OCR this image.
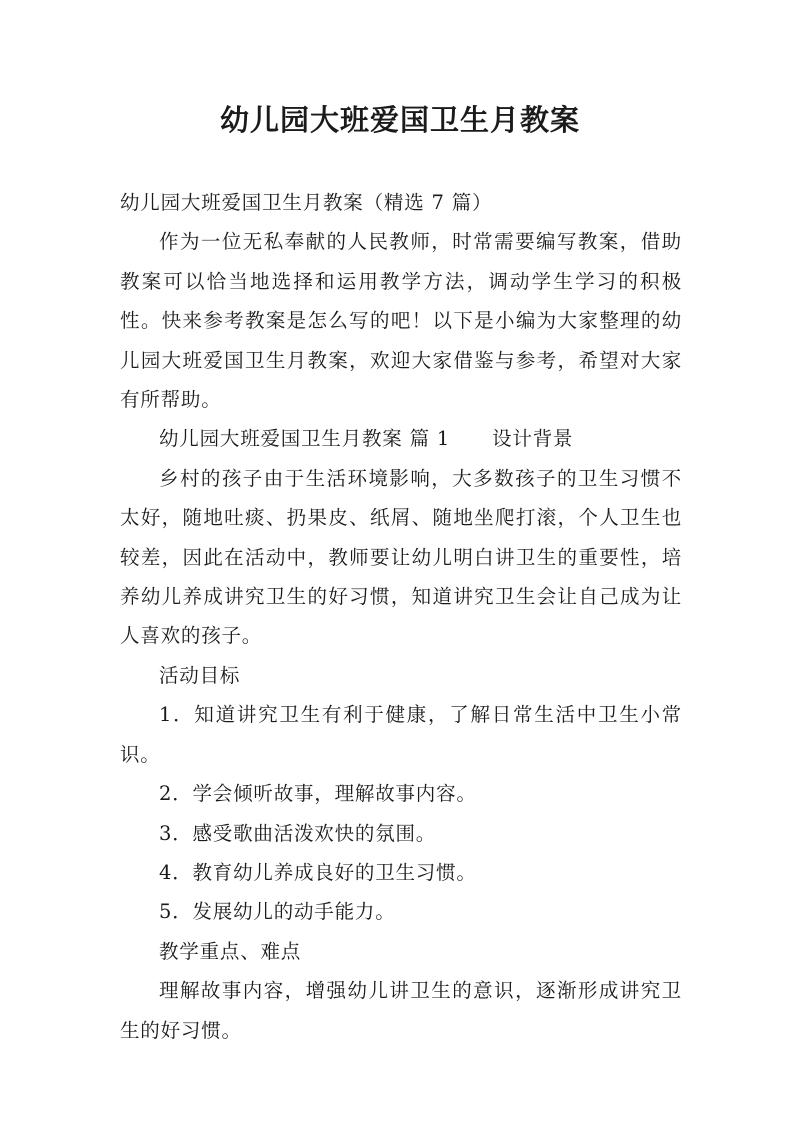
幼儿园大班爱国卫生月教案

幼儿园大班爱国卫生月教案（精选 7 篇）

作为一位无私奉献的人民教师，时常需要编写教案，借助教案可以恰当地选择和运用教学方法，调动学生学习的积极性。快来参考教案是怎么写的吧！以下是小编为大家整理的幼儿园大班爱国卫生月教案，欢迎大家借鉴与参考，希望对大家有所帮助。

幼儿园大班爱国卫生月教案 篇 1      设计背景

乡村的孩子由于生活环境影响，大多数孩子的卫生习惯不太好，随地吐痰、扔果皮、纸屑、随地坐爬打滚，个人卫生也较差，因此在活动中，教师要让幼儿明白讲卫生的重要性，培养幼儿养成讲究卫生的好习惯，知道讲究卫生会让自己成为让人喜欢的孩子。

活动目标

1．知道讲究卫生有利于健康，了解日常生活中卫生小常识。

2．学会倾听故事，理解故事内容。

3．感受歌曲活泼欢快的氛围。

4．教育幼儿养成良好的卫生习惯。

5．发展幼儿的动手能力。

教学重点、难点

理解故事内容，增强幼儿讲卫生的意识，逐渐形成讲究卫生的好习惯。
